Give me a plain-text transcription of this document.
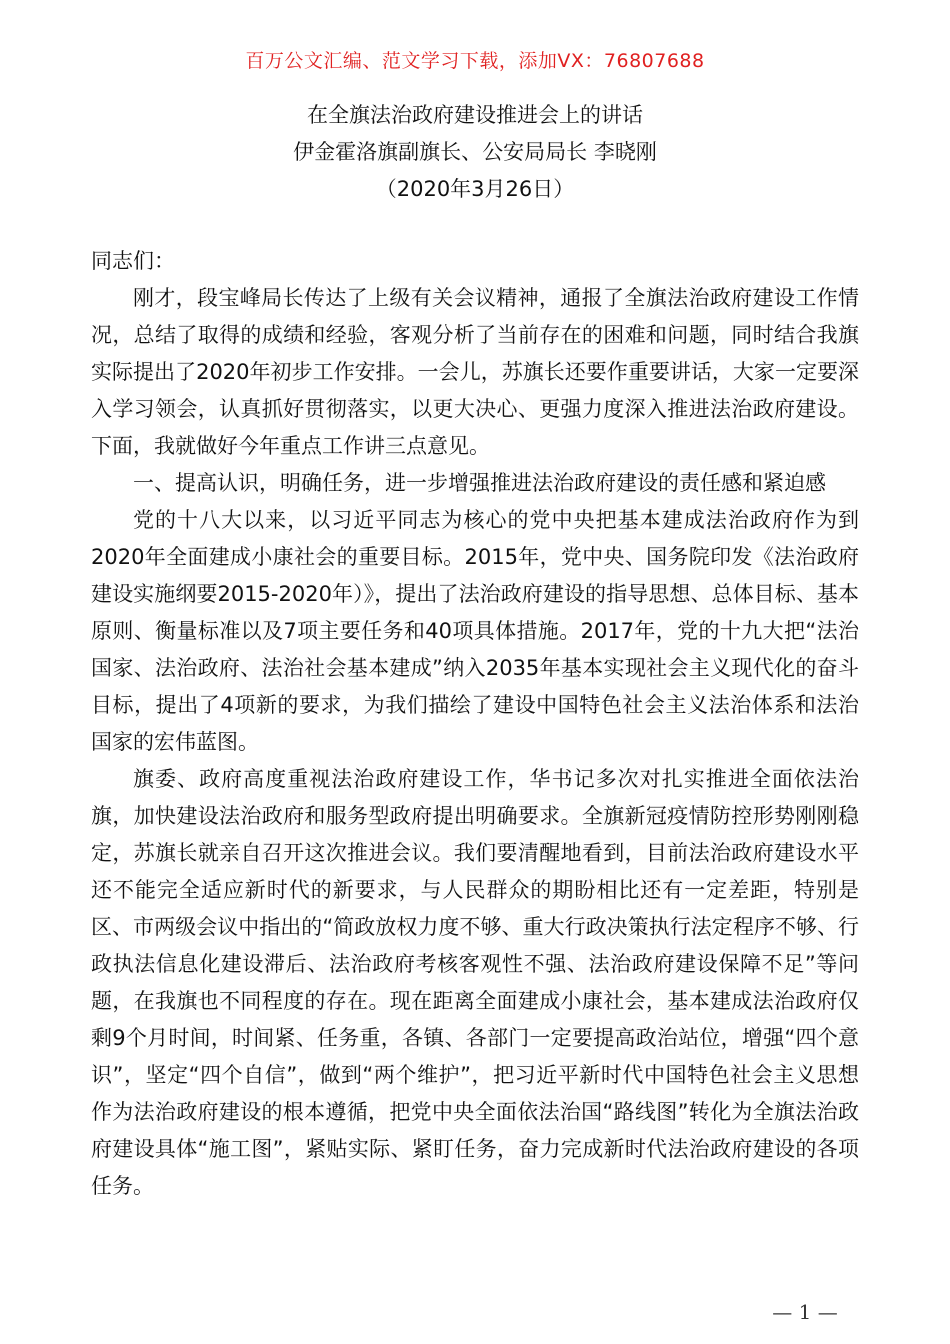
百万公文汇编、范文学习下载，添加VX：76807688
在全旗法治政府建设推进会上的讲话
伊金霍洛旗副旗长、公安局局长 李晓刚
（2020年3月26日）

同志们：

刚才，段宝峰局长传达了上级有关会议精神，通报了全旗法治政府建设工作情况，总结了取得的成绩和经验，客观分析了当前存在的困难和问题，同时结合我旗实际提出了2020年初步工作安排。一会儿，苏旗长还要作重要讲话，大家一定要深入学习领会，认真抓好贯彻落实，以更大决心、更强力度深入推进法治政府建设。下面，我就做好今年重点工作讲三点意见。

一、提高认识，明确任务，进一步增强推进法治政府建设的责任感和紧迫感

党的十八大以来，以习近平同志为核心的党中央把基本建成法治政府作为到2020年全面建成小康社会的重要目标。2015年，党中央、国务院印发《法治政府建设实施纲要2015-2020年）》，提出了法治政府建设的指导思想、总体目标、基本原则、衡量标准以及7项主要任务和40项具体措施。2017年，党的十九大把“法治国家、法治政府、法治社会基本建成”纳入2035年基本实现社会主义现代化的奋斗目标，提出了4项新的要求，为我们描绘了建设中国特色社会主义法治体系和法治国家的宏伟蓝图。

旗委、政府高度重视法治政府建设工作，华书记多次对扎实推进全面依法治旗，加快建设法治政府和服务型政府提出明确要求。全旗新冠疫情防控形势刚刚稳定，苏旗长就亲自召开这次推进会议。我们要清醒地看到，目前法治政府建设水平还不能完全适应新时代的新要求，与人民群众的期盼相比还有一定差距，特别是区、市两级会议中指出的“简政放权力度不够、重大行政决策执行法定程序不够、行政执法信息化建设滞后、法治政府考核客观性不强、法治政府建设保障不足”等问题，在我旗也不同程度的存在。现在距离全面建成小康社会，基本建成法治政府仅剩9个月时间，时间紧、任务重，各镇、各部门一定要提高政治站位，增强“四个意识”，坚定“四个自信”，做到“两个维护”，把习近平新时代中国特色社会主义思想作为法治政府建设的根本遵循，把党中央全面依法治国“路线图”转化为全旗法治政府建设具体“施工图”，紧贴实际、紧盯任务，奋力完成新时代法治政府建设的各项任务。

— 1 —
